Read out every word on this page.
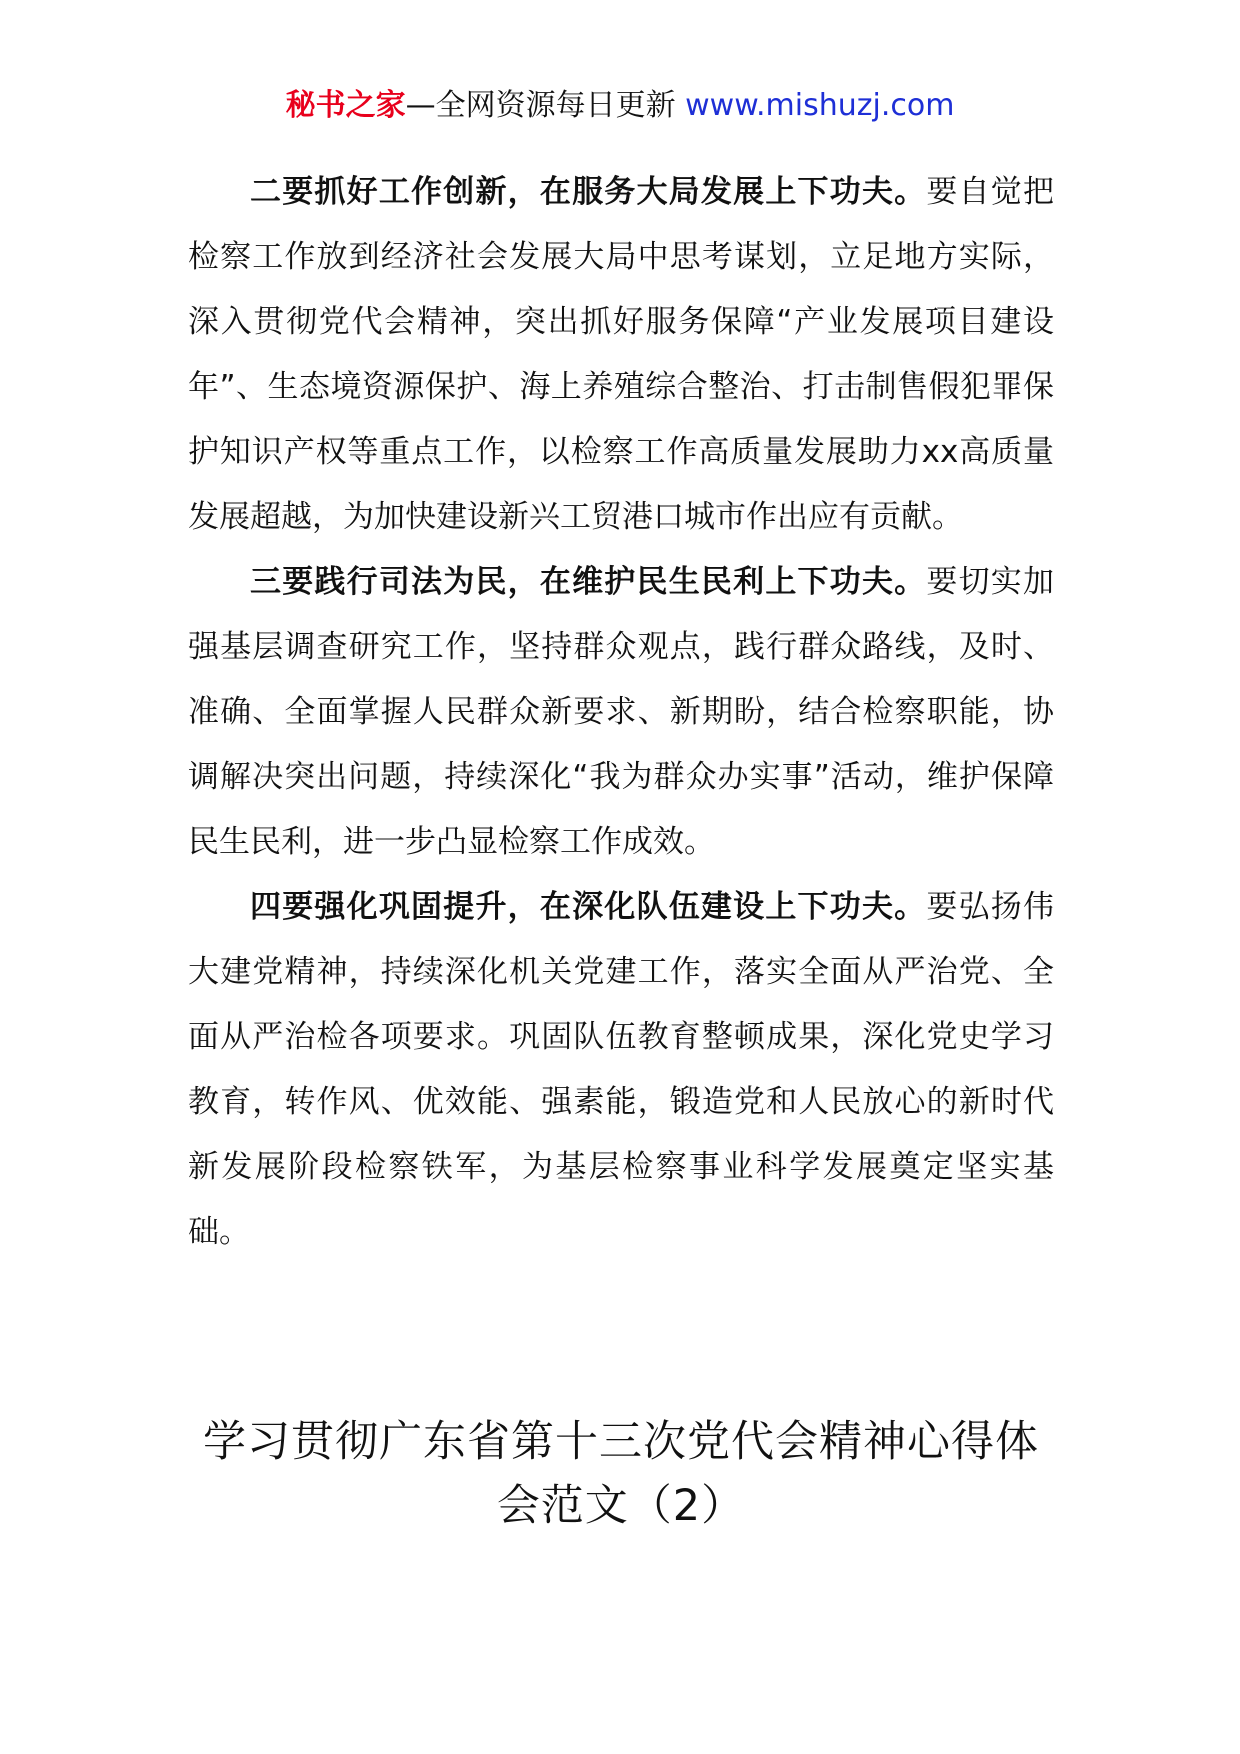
秘书之家—全网资源每日更新 www.mishuzj.com

二要抓好工作创新，在服务大局发展上下功夫。要自觉把检察工作放到经济社会发展大局中思考谋划，立足地方实际，深入贯彻党代会精神，突出抓好服务保障“产业发展项目建设年”、生态境资源保护、海上养殖综合整治、打击制售假犯罪保护知识产权等重点工作，以检察工作高质量发展助力xx高质量发展超越，为加快建设新兴工贸港口城市作出应有贡献。

三要践行司法为民，在维护民生民利上下功夫。要切实加强基层调查研究工作，坚持群众观点，践行群众路线，及时、准确、全面掌握人民群众新要求、新期盼，结合检察职能，协调解决突出问题，持续深化“我为群众办实事”活动，维护保障民生民利，进一步凸显检察工作成效。

四要强化巩固提升，在深化队伍建设上下功夫。要弘扬伟大建党精神，持续深化机关党建工作，落实全面从严治党、全面从严治检各项要求。巩固队伍教育整顿成果，深化党史学习教育，转作风、优效能、强素能，锻造党和人民放心的新时代新发展阶段检察铁军，为基层检察事业科学发展奠定坚实基础。

学习贯彻广东省第十三次党代会精神心得体会范文（2）
